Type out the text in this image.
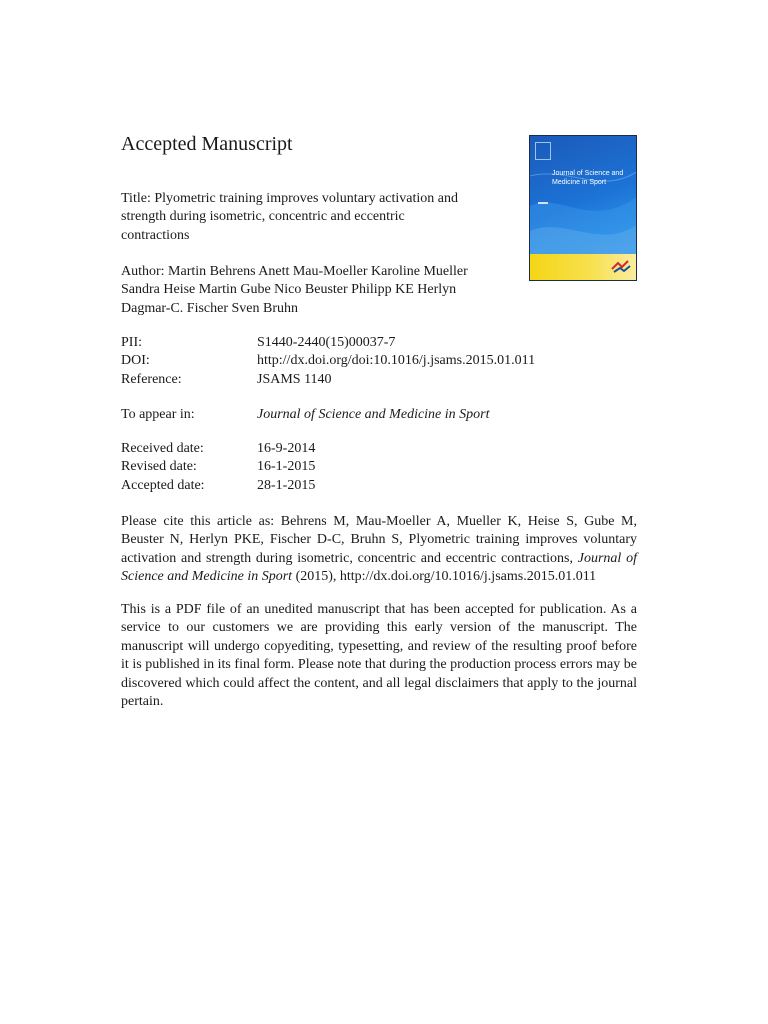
Accepted Manuscript

Title: Plyometric training improves voluntary activation and
strength during isometric, concentric and eccentric
contractions

Author: Martin Behrens Anett Mau-Moeller Karoline Mueller
Sandra Heise Martin Gube Nico Beuster Philipp KE Herlyn
Dagmar-C. Fischer Sven Bruhn

PII:	S1440-2440(15)00037-7
DOI:	http://dx.doi.org/doi:10.1016/j.jsams.2015.01.011
Reference:	JSAMS 1140
To appear in:	Journal of Science and Medicine in Sport
Received date:	16-9-2014
Revised date:	16-1-2015
Accepted date:	28-1-2015

Please cite this article as: Behrens M, Mau-Moeller A, Mueller K, Heise S, Gube M, Beuster N, Herlyn PKE, Fischer D-C, Bruhn S, Plyometric training improves voluntary activation and strength during isometric, concentric and eccentric contractions, Journal of Science and Medicine in Sport (2015), http://dx.doi.org/10.1016/j.jsams.2015.01.011

This is a PDF file of an unedited manuscript that has been accepted for publication. As a service to our customers we are providing this early version of the manuscript. The manuscript will undergo copyediting, typesetting, and review of the resulting proof before it is published in its final form. Please note that during the production process errors may be discovered which could affect the content, and all legal disclaimers that apply to the journal pertain.

Journal of Science and
Medicine in Sport
